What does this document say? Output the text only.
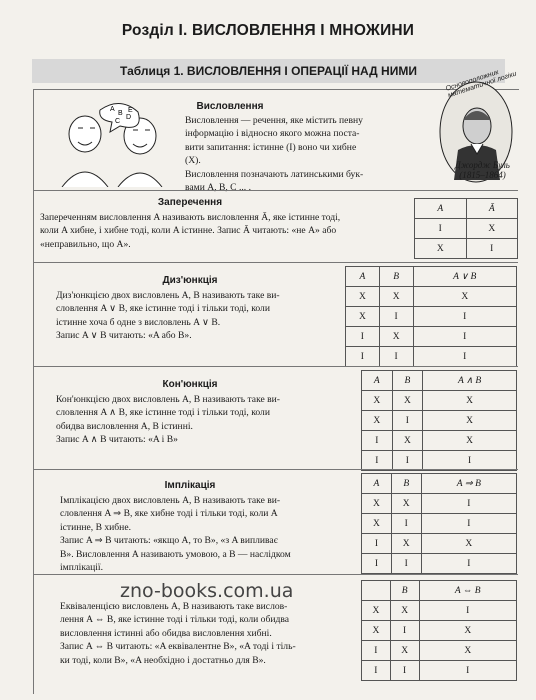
Розділ І. ВИСЛОВЛЕННЯ І МНОЖИНИ
Таблиця 1. ВИСЛОВЛЕННЯ І ОПЕРАЦІЇ НАД НИМИ	Основоположник математичної логіки
Джордж Буль
(1815–1864)
A
B
C
D
E	Висловлення
Висловлення — речення, яке містить певну
інформацію і відносно якого можна поста-
вити запитання: істинне (І) воно чи хибне
(Х).
Висловлення позначають латинськими бук-
вами A, B, C ... .
Заперечення
Запереченням висловлення A називають висловлення Ā, яке істинне тоді,
коли A хибне, і хибне тоді, коли A істинне. Запис Ā читають: «не A» або
«неправильно, що A».
A	Ā
І	Х
Х	І
Диз'юнкція
Диз'юнкцією двох висловлень A, B називають таке ви-
словлення A ∨ B, яке істинне тоді і тільки тоді, коли
істинне хоча б одне з висловлень A ∨ B.
Запис A ∨ B читають: «A або B».
A	B	A ∨ B
Х	Х	Х
Х	І	І
І	Х	І
І	І	І
Кон'юнкція
Кон'юнкцією двох висловлень A, B називають таке ви-
словлення A ∧ B, яке істинне тоді і тільки тоді, коли
обидва висловлення A, B істинні.
Запис A ∧ B читають: «A і B»
A	B	A ∧ B
Х	Х	Х
Х	І	Х
І	Х	Х
І	І	І
Імплікація
Імплікацією двох висловлень A, B називають таке ви-
словлення A ⇒ B, яке хибне тоді і тільки тоді, коли A
істинне, B хибне.
Запис A ⇒ B читають: «якщо A, то B», «з A випливає
B». Висловлення A називають умовою, а B — наслідком
імплікації.
A	B	A ⇒ B
Х	Х	І
Х	І	І
І	Х	Х
І	І	І
Еквіваленцією висловлень A, B називають таке вислов-
лення A ⇔ B, яке істинне тоді і тільки тоді, коли обидва
висловлення істинні або обидва висловлення хибні.
Запис A ⇔ B читають: «A еквівалентне B», «A тоді і тіль-
ки тоді, коли B», «A необхідно і достатньо для B».
	B	A ⇔ B
Х	Х	І
Х	І	Х
І	Х	Х
І	І	І
zno-books.com.ua
